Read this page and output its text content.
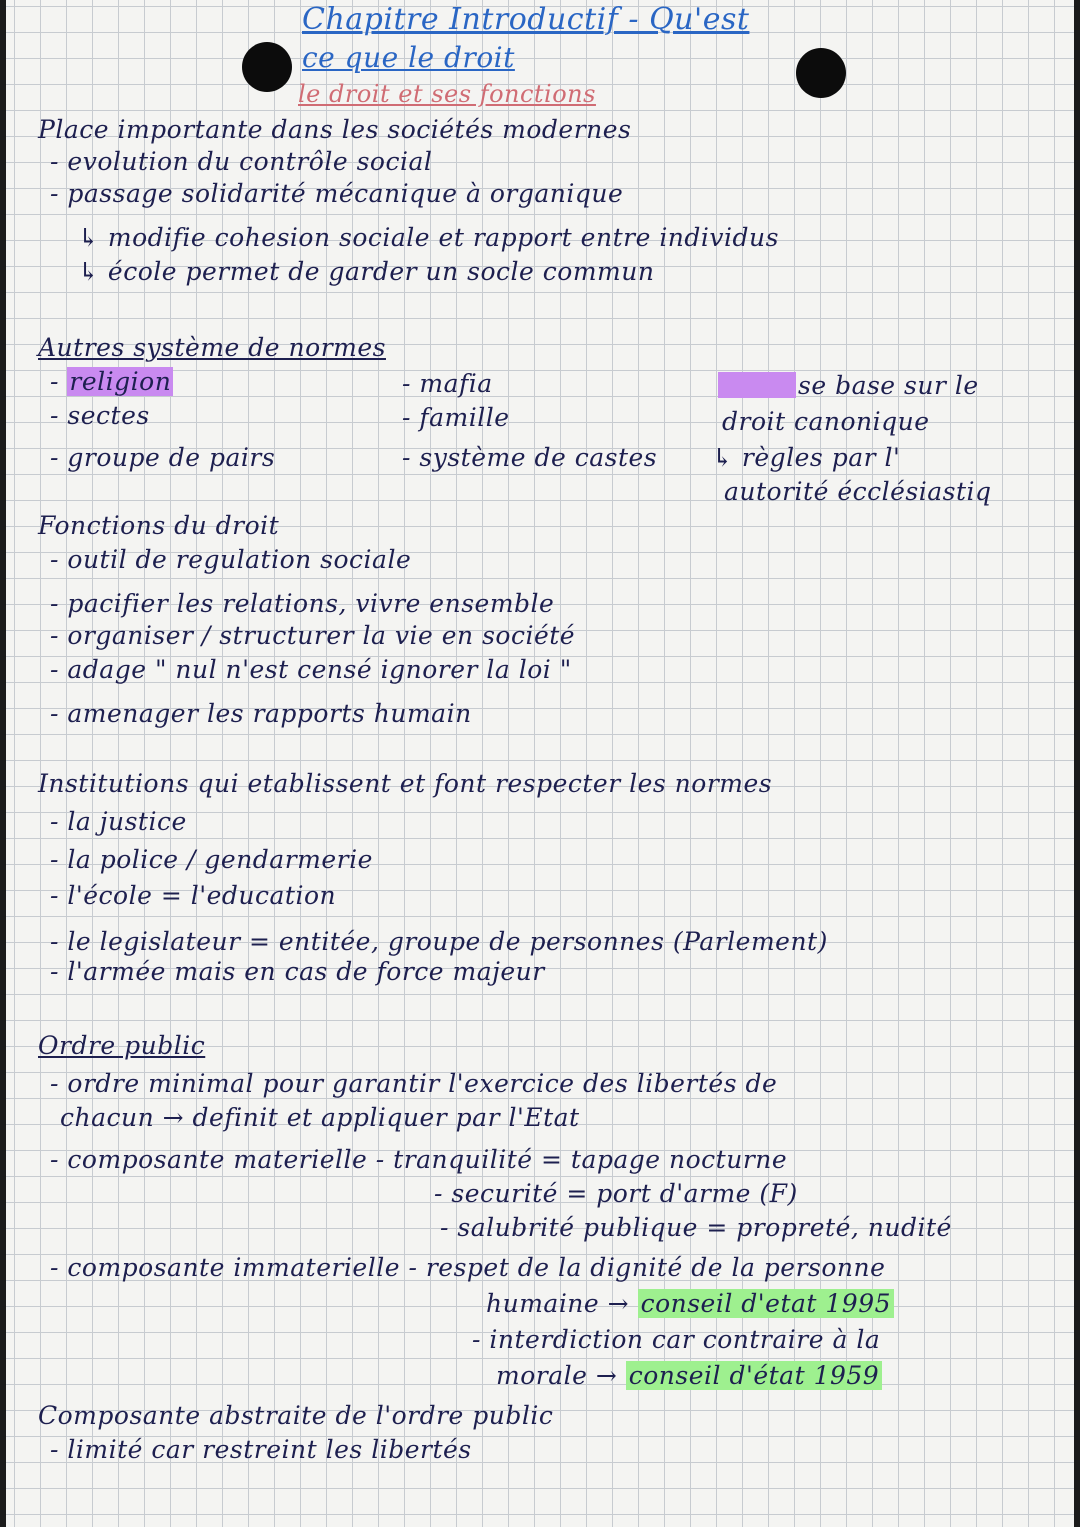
Chapitre Introductif - Qu'est
ce que le droit
le droit et ses fonctions
Place importante dans les sociétés modernes
- evolution du contrôle social
- passage solidarité mécanique à organique
↳ modifie cohesion sociale et rapport entre individus
↳ école permet de garder un socle commun
Autres système de normes
- religion
- sectes
- groupe de pairs
- mafia
- famille
- système de castes
se base sur le
droit canonique
↳ règles par l'
autorité écclésiastiq
Fonctions du droit
- outil de regulation sociale
- pacifier les relations, vivre ensemble
- organiser / structurer la vie en société
- adage " nul n'est censé ignorer la loi "
- amenager les rapports humain
Institutions qui etablissent et font respecter les normes
- la justice
- la police / gendarmerie
- l'école = l'education
- le legislateur = entitée, groupe de personnes (Parlement)
- l'armée mais en cas de force majeur
Ordre public
- ordre minimal pour garantir l'exercice des libertés de
chacun → definit et appliquer par l'Etat
- composante materielle - tranquilité = tapage nocturne
- securité = port d'arme (F)
- salubrité publique = propreté, nudité
- composante immaterielle - respet de la dignité de la personne
humaine → conseil d'etat 1995
- interdiction car contraire à la
morale → conseil d'état 1959
Composante abstraite de l'ordre public
- limité car restreint les libertés
